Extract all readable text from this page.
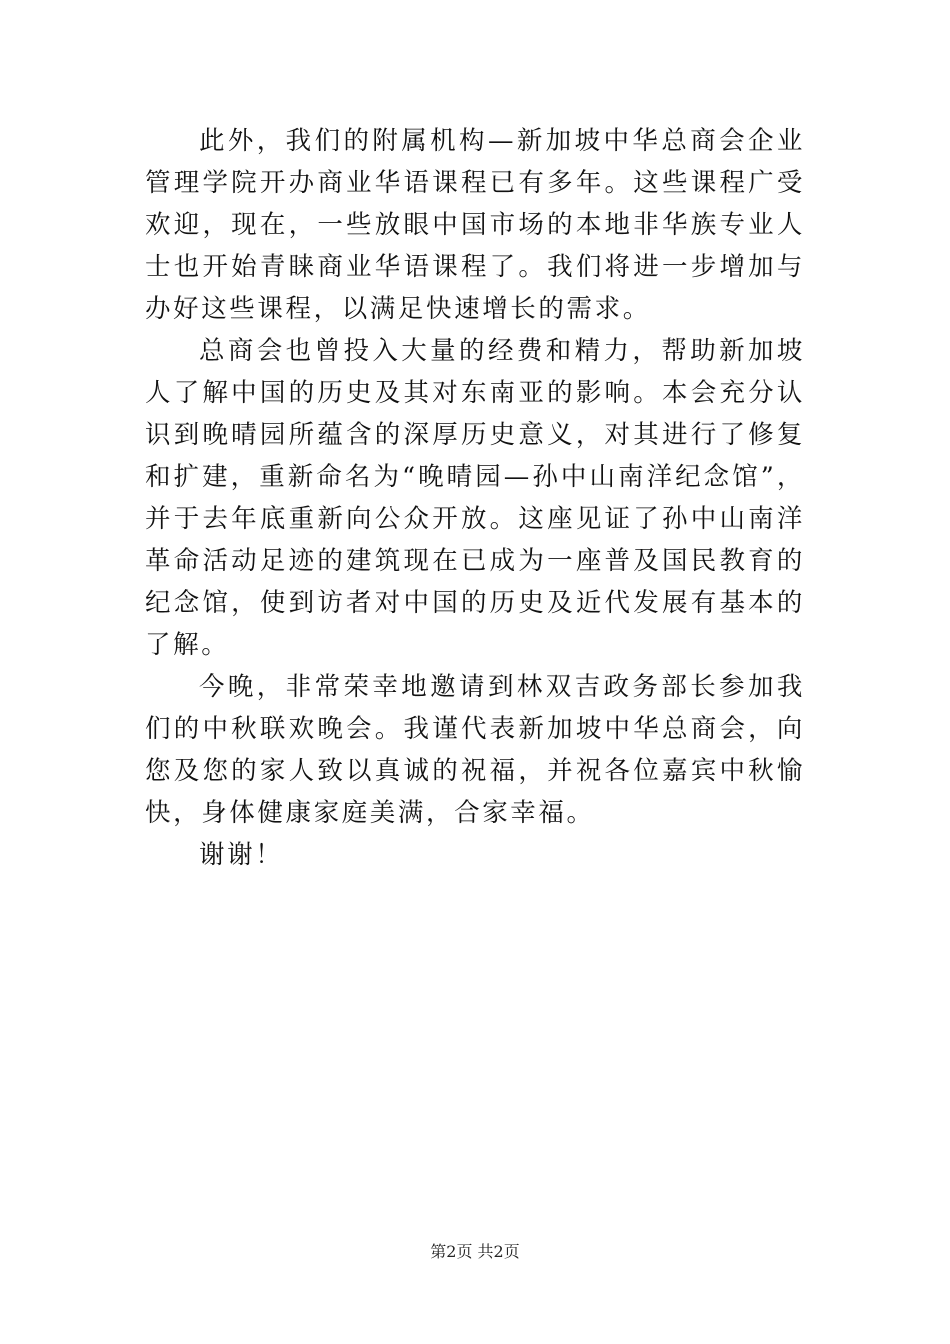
此外，我们的附属机构—新加坡中华总商会企业管理学院开办商业华语课程已有多年。这些课程广受欢迎，现在，一些放眼中国市场的本地非华族专业人士也开始青睐商业华语课程了。我们将进一步增加与办好这些课程，以满足快速增长的需求。

总商会也曾投入大量的经费和精力，帮助新加坡人了解中国的历史及其对东南亚的影响。本会充分认识到晚晴园所蕴含的深厚历史意义，对其进行了修复和扩建，重新命名为“晚晴园—孙中山南洋纪念馆”，并于去年底重新向公众开放。这座见证了孙中山南洋革命活动足迹的建筑现在已成为一座普及国民教育的纪念馆，使到访者对中国的历史及近代发展有基本的了解。

今晚，非常荣幸地邀请到林双吉政务部长参加我们的中秋联欢晚会。我谨代表新加坡中华总商会，向您及您的家人致以真诚的祝福，并祝各位嘉宾中秋愉快，身体健康家庭美满，合家幸福。

谢谢！

第2页 共2页
